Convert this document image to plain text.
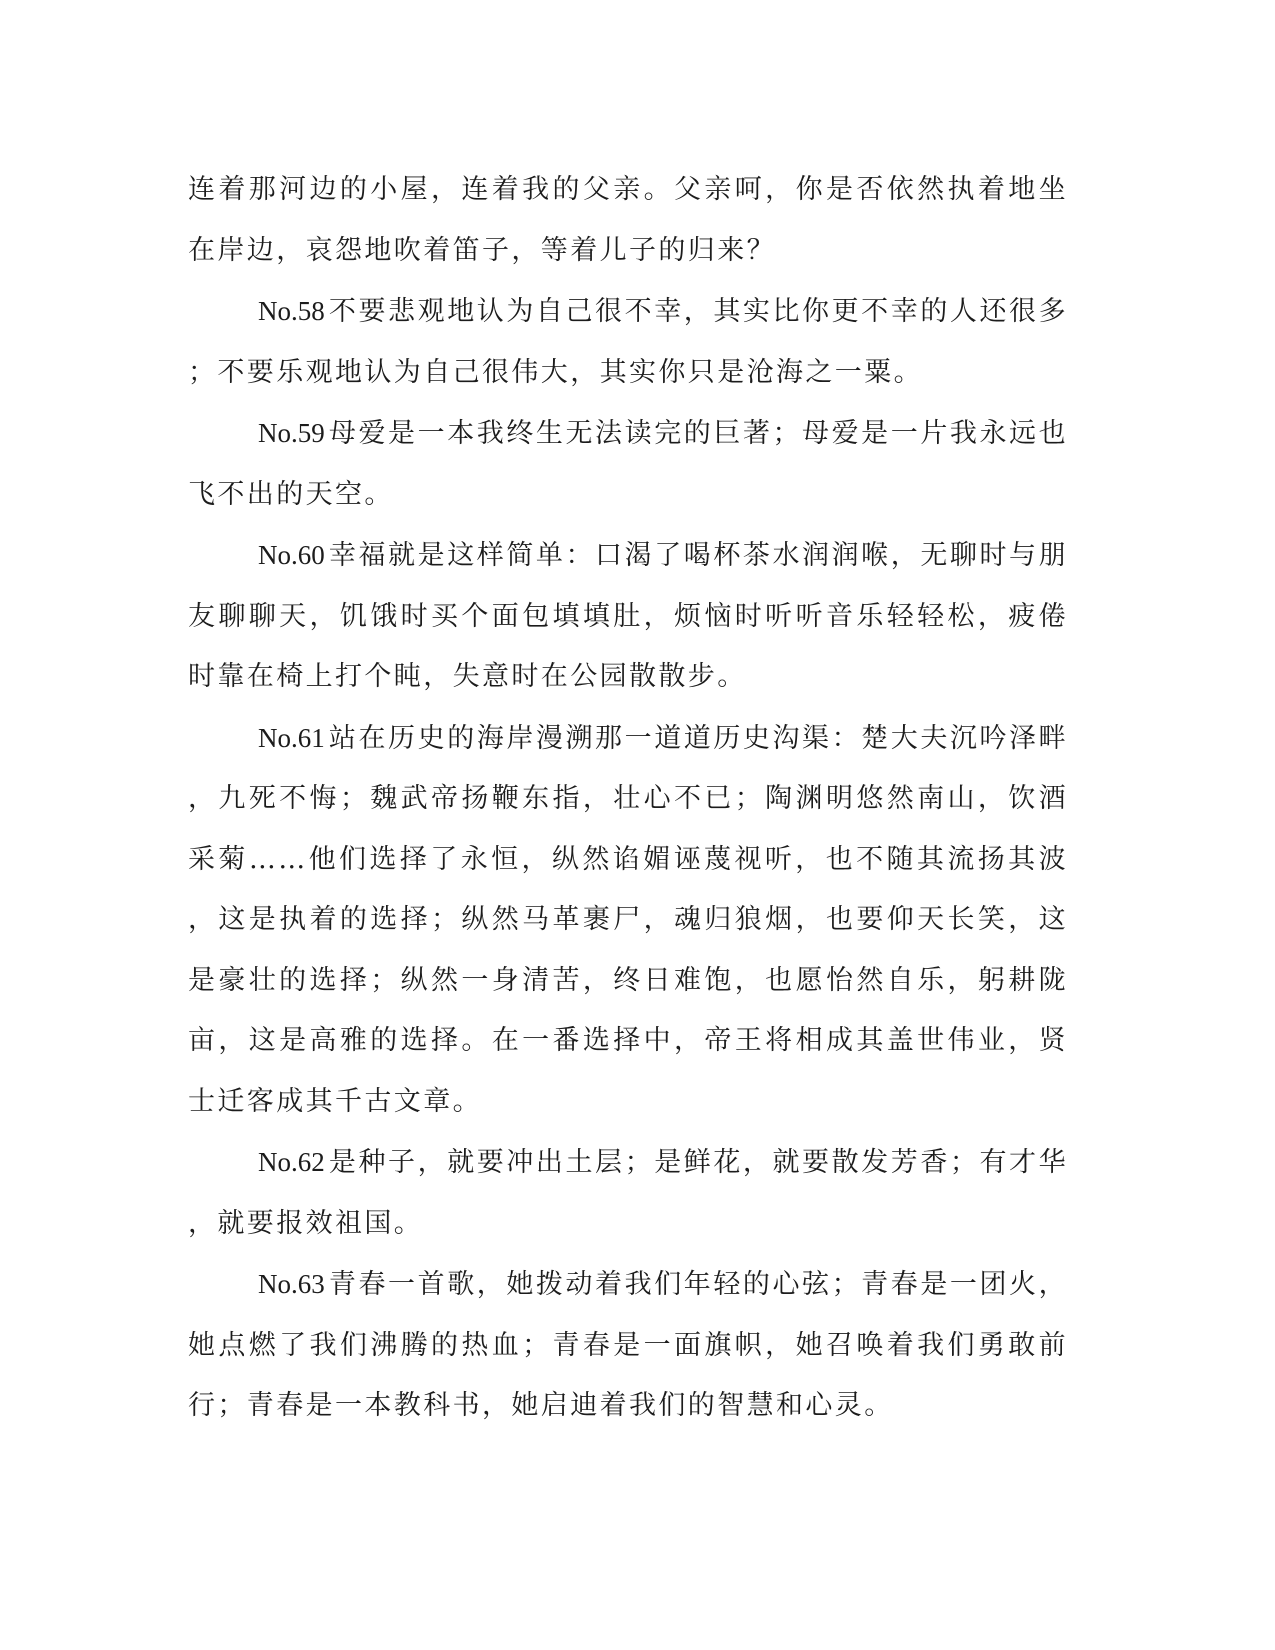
连着那河边的小屋，连着我的父亲。父亲呵，你是否依然执着地坐在岸边，哀怨地吹着笛子，等着儿子的归来？

No.58 不要悲观地认为自己很不幸，其实比你更不幸的人还很多；不要乐观地认为自己很伟大，其实你只是沧海之一粟。

No.59 母爱是一本我终生无法读完的巨著；母爱是一片我永远也飞不出的天空。

No.60 幸福就是这样简单：口渴了喝杯茶水润润喉，无聊时与朋友聊聊天，饥饿时买个面包填填肚，烦恼时听听音乐轻轻松，疲倦时靠在椅上打个盹，失意时在公园散散步。

No.61 站在历史的海岸漫溯那一道道历史沟渠：楚大夫沉吟泽畔，九死不悔；魏武帝扬鞭东指，壮心不已；陶渊明悠然南山，饮酒采菊……他们选择了永恒，纵然谄媚诬蔑视听，也不随其流扬其波，这是执着的选择；纵然马革裹尸，魂归狼烟，也要仰天长笑，这是豪壮的选择；纵然一身清苦，终日难饱，也愿怡然自乐，躬耕陇亩，这是高雅的选择。在一番选择中，帝王将相成其盖世伟业，贤士迁客成其千古文章。

No.62 是种子，就要冲出土层；是鲜花，就要散发芳香；有才华，就要报效祖国。

No.63 青春一首歌，她拨动着我们年轻的心弦；青春是一团火，她点燃了我们沸腾的热血；青春是一面旗帜，她召唤着我们勇敢前行；青春是一本教科书，她启迪着我们的智慧和心灵。
